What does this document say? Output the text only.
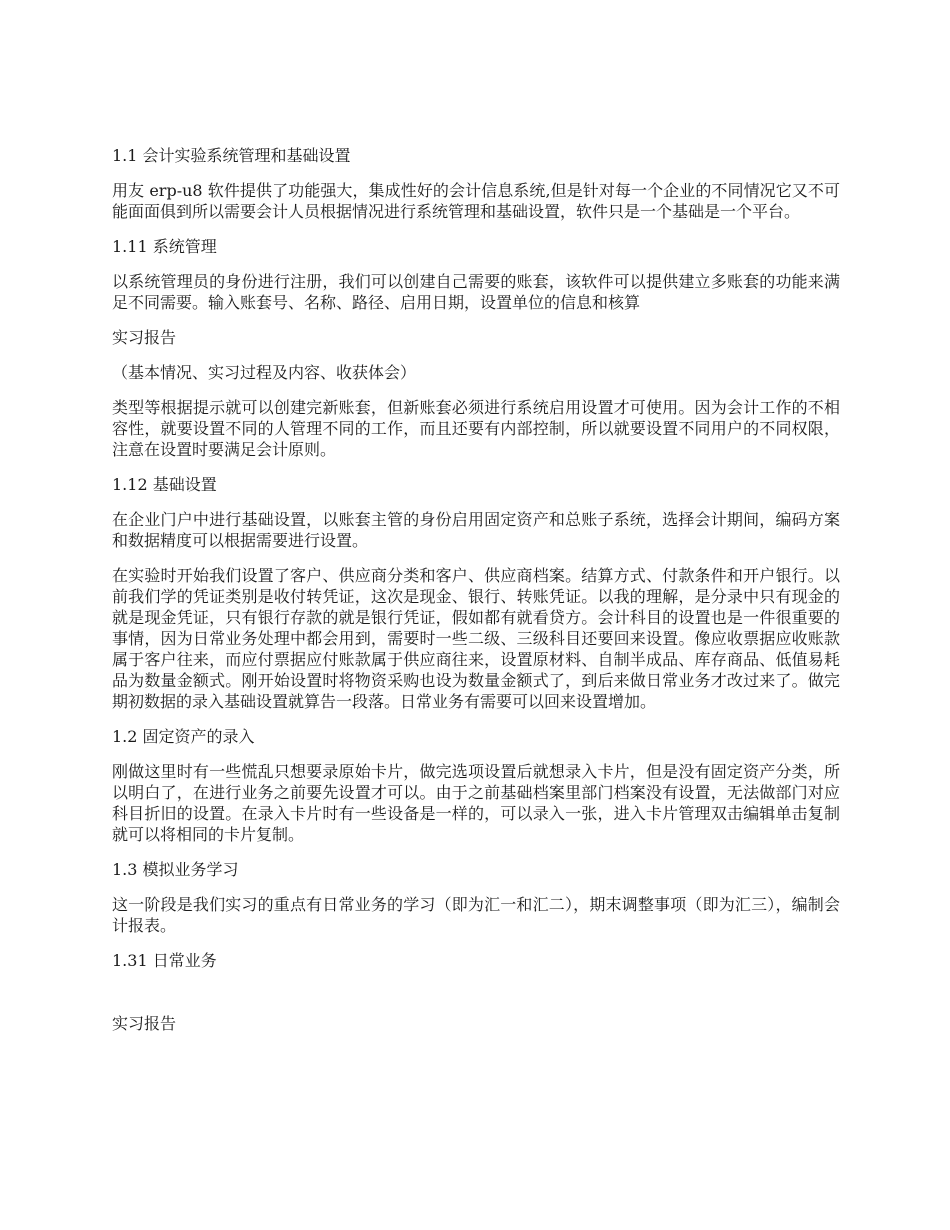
1.1 会计实验系统管理和基础设置

用友 erp-u8 软件提供了功能强大，集成性好的会计信息系统,但是针对每一个企业的不同情况它又不可能面面俱到所以需要会计人员根据情况进行系统管理和基础设置，软件只是一个基础是一个平台。

1.11 系统管理

以系统管理员的身份进行注册，我们可以创建自己需要的账套，该软件可以提供建立多账套的功能来满足不同需要。输入账套号、名称、路径、启用日期，设置单位的信息和核算

实习报告

（基本情况、实习过程及内容、收获体会）

类型等根据提示就可以创建完新账套，但新账套必须进行系统启用设置才可使用。因为会计工作的不相容性，就要设置不同的人管理不同的工作，而且还要有内部控制，所以就要设置不同用户的不同权限，注意在设置时要满足会计原则。

1.12 基础设置

在企业门户中进行基础设置，以账套主管的身份启用固定资产和总账子系统，选择会计期间，编码方案和数据精度可以根据需要进行设置。

在实验时开始我们设置了客户、供应商分类和客户、供应商档案。结算方式、付款条件和开户银行。以前我们学的凭证类别是收付转凭证，这次是现金、银行、转账凭证。以我的理解，是分录中只有现金的就是现金凭证，只有银行存款的就是银行凭证，假如都有就看贷方。会计科目的设置也是一件很重要的事情，因为日常业务处理中都会用到，需要时一些二级、三级科目还要回来设置。像应收票据应收账款属于客户往来，而应付票据应付账款属于供应商往来，设置原材料、自制半成品、库存商品、低值易耗品为数量金额式。刚开始设置时将物资采购也设为数量金额式了，到后来做日常业务才改过来了。做完期初数据的录入基础设置就算告一段落。日常业务有需要可以回来设置增加。

1.2 固定资产的录入

刚做这里时有一些慌乱只想要录原始卡片，做完选项设置后就想录入卡片，但是没有固定资产分类，所以明白了，在进行业务之前要先设置才可以。由于之前基础档案里部门档案没有设置，无法做部门对应科目折旧的设置。在录入卡片时有一些设备是一样的，可以录入一张，进入卡片管理双击编辑单击复制就可以将相同的卡片复制。

1.3 模拟业务学习

这一阶段是我们实习的重点有日常业务的学习（即为汇一和汇二），期末调整事项（即为汇三），编制会计报表。

1.31 日常业务

实习报告
